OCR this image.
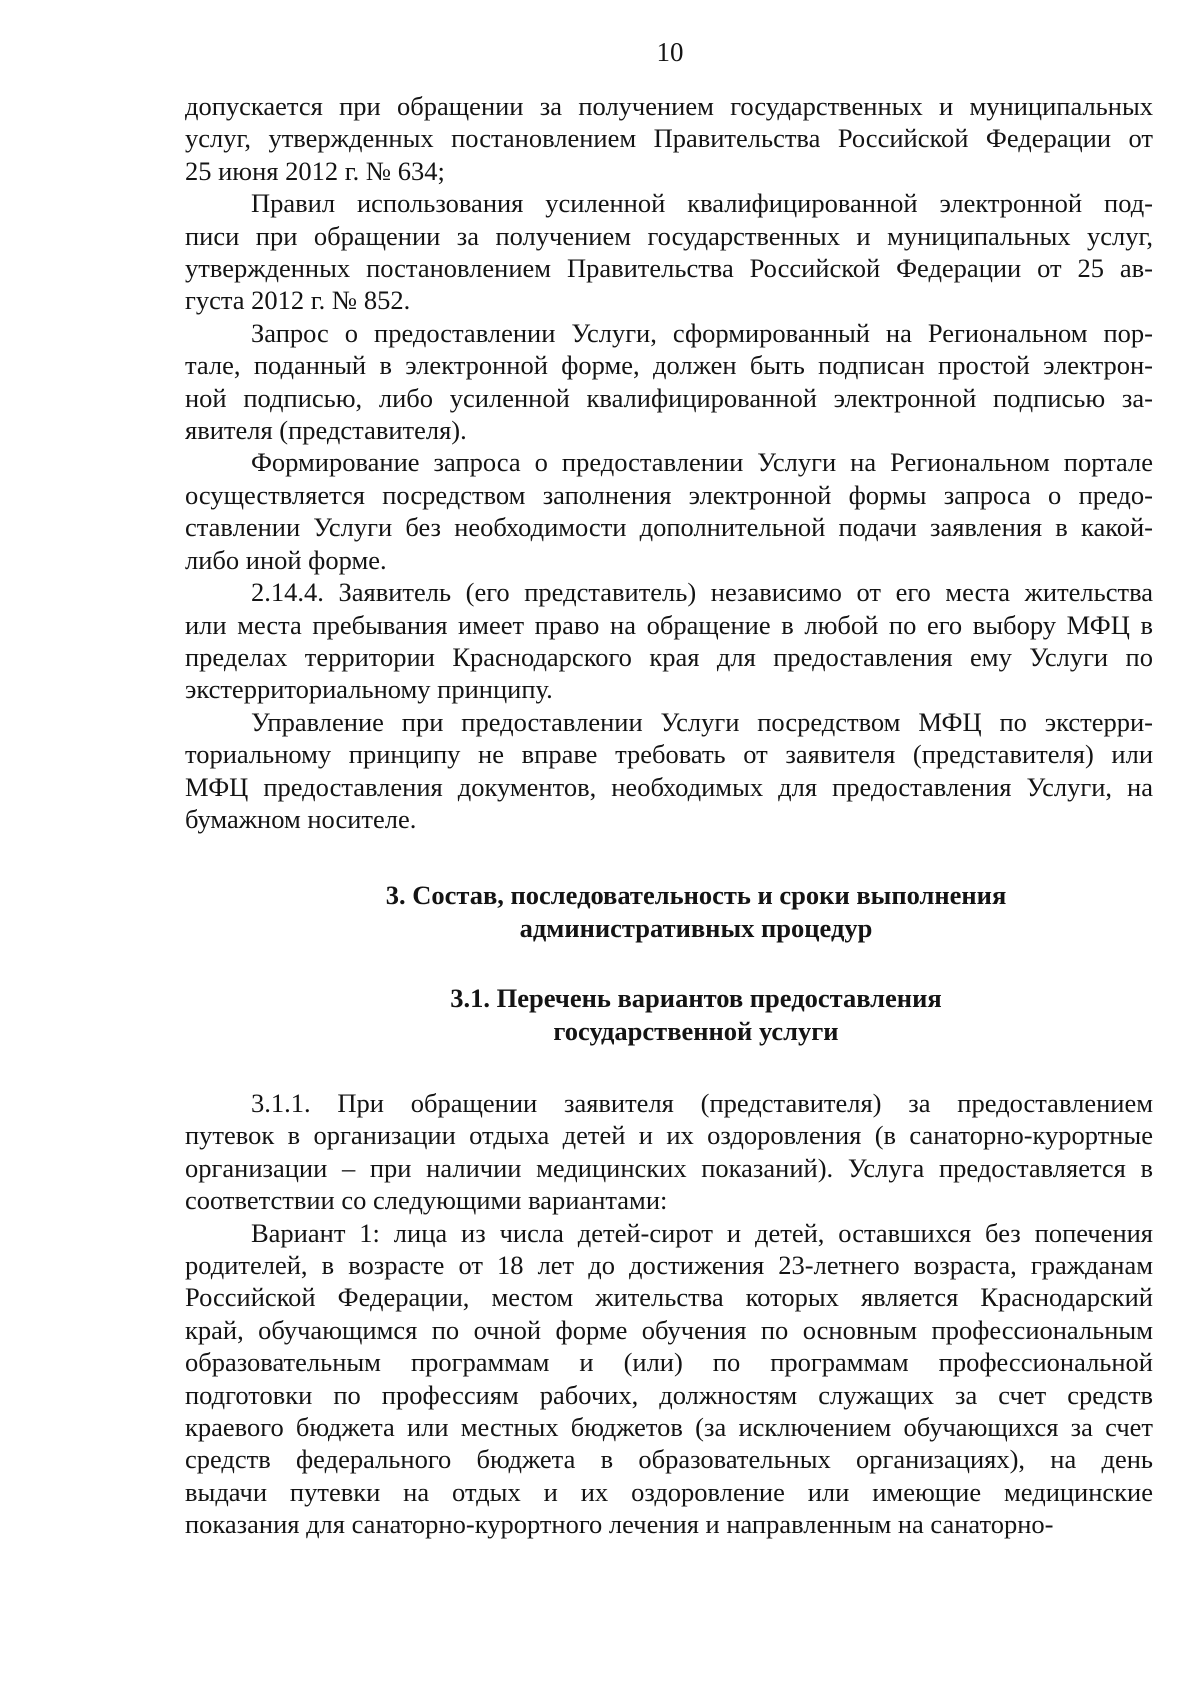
10
допускается при обращении за получением государственных и муниципальных
услуг, утвержденных постановлением Правительства Российской Федерации от
25 июня 2012 г. № 634;
Правил использования усиленной квалифицированной электронной под-
писи при обращении за получением государственных и муниципальных услуг,
утвержденных постановлением Правительства Российской Федерации от 25 ав-
густа 2012 г. № 852.
Запрос о предоставлении Услуги, сформированный на Региональном пор-
тале, поданный в электронной форме, должен быть подписан простой электрон-
ной подписью, либо усиленной квалифицированной электронной подписью за-
явителя (представителя).
Формирование запроса о предоставлении Услуги на Региональном портале
осуществляется посредством заполнения электронной формы запроса о предо-
ставлении Услуги без необходимости дополнительной подачи заявления в какой-
либо иной форме.
2.14.4. Заявитель (его представитель) независимо от его места жительства
или места пребывания имеет право на обращение в любой по его выбору МФЦ в
пределах территории Краснодарского края для предоставления ему Услуги по
экстерриториальному принципу.
Управление при предоставлении Услуги посредством МФЦ по экстерри-
ториальному принципу не вправе требовать от заявителя (представителя) или
МФЦ предоставления документов, необходимых для предоставления Услуги, на
бумажном носителе.
3. Состав, последовательность и сроки выполнения
административных процедур
3.1. Перечень вариантов предоставления
государственной услуги
3.1.1. При обращении заявителя (представителя) за предоставлением
путевок в организации отдыха детей и их оздоровления (в санаторно-курортные
организации – при наличии медицинских показаний). Услуга предоставляется в
соответствии со следующими вариантами:
Вариант 1: лица из числа детей-сирот и детей, оставшихся без попечения
родителей, в возрасте от 18 лет до достижения 23-летнего возраста, гражданам
Российской Федерации, местом жительства которых является Краснодарский
край, обучающимся по очной форме обучения по основным профессиональным
образовательным программам и (или) по программам профессиональной
подготовки по профессиям рабочих, должностям служащих за счет средств
краевого бюджета или местных бюджетов (за исключением обучающихся за счет
средств федерального бюджета в образовательных организациях), на день
выдачи путевки на отдых и их оздоровление или имеющие медицинские
показания для санаторно-курортного лечения и направленным на санаторно-
